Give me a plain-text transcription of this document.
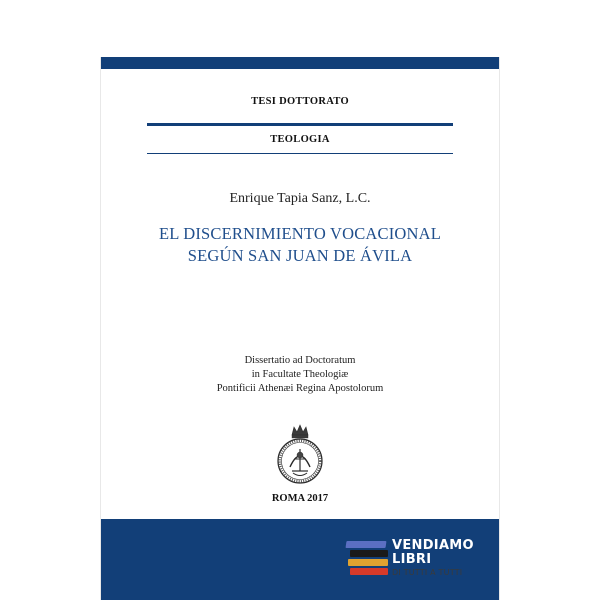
TESI DOTTORATO
TEOLOGIA
Enrique Tapia Sanz, L.C.
EL DISCERNIMIENTO VOCACIONAL
SEGÚN SAN JUAN DE ÁVILA
Dissertatio ad Doctoratum
in Facultate Theologiæ
Pontificii Athenæi Regina Apostolorum
ROMA 2017
VENDIAMO
LIBRI
DI TUTTI A TUTTI
